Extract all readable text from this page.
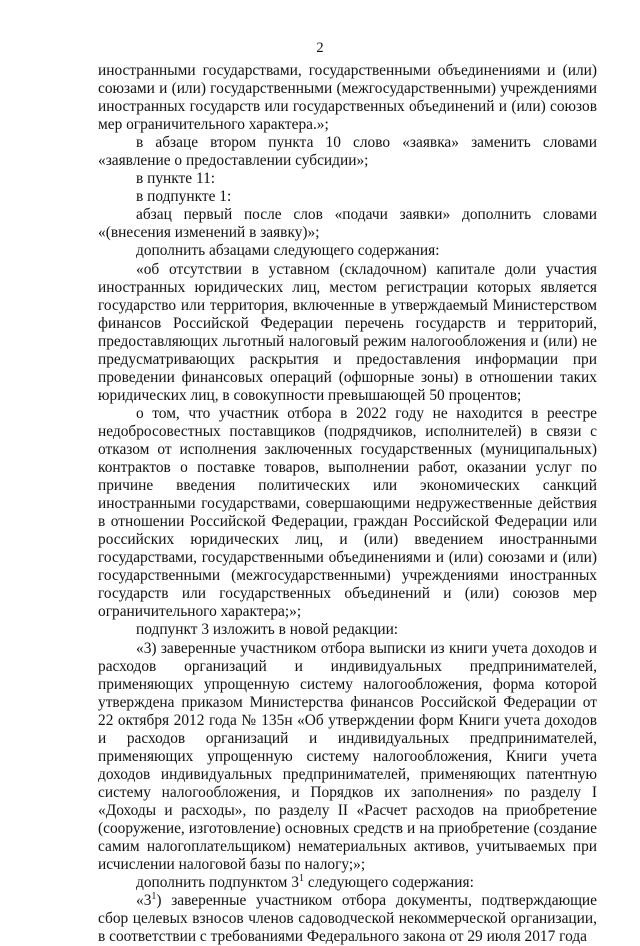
2

иностранными государствами, государственными объединениями и (или) союзами и (или) государственными (межгосударственными) учреждениями иностранных государств или государственных объединений и (или) союзов мер ограничительного характера.»;

в абзаце втором пункта 10 слово «заявка» заменить словами «заявление о предоставлении субсидии»;

в пункте 11:

в подпункте 1:

абзац первый после слов «подачи заявки» дополнить словами «(внесения изменений в заявку)»;

дополнить абзацами следующего содержания:

«об отсутствии в уставном (складочном) капитале доли участия иностранных юридических лиц, местом регистрации которых является государство или территория, включенные в утверждаемый Министерством финансов Российской Федерации перечень государств и территорий, предоставляющих льготный налоговый режим налогообложения и (или) не предусматривающих раскрытия и предоставления информации при проведении финансовых операций (офшорные зоны) в отношении таких юридических лиц, в совокупности превышающей 50 процентов;

о том, что участник отбора в 2022 году не находится в реестре недобросовестных поставщиков (подрядчиков, исполнителей) в связи с отказом от исполнения заключенных государственных (муниципальных) контрактов о поставке товаров, выполнении работ, оказании услуг по причине введения политических или экономических санкций иностранными государствами, совершающими недружественные действия в отношении Российской Федерации, граждан Российской Федерации или российских юридических лиц, и (или) введением иностранными государствами, государственными объединениями и (или) союзами и (или) государственными (межгосударственными) учреждениями иностранных государств или государственных объединений и (или) союзов мер ограничительного характера;»;

подпункт 3 изложить в новой редакции:

«3) заверенные участником отбора выписки из книги учета доходов и расходов организаций и индивидуальных предпринимателей, применяющих упрощенную систему налогообложения, форма которой утверждена приказом Министерства финансов Российской Федерации от 22 октября 2012 года № 135н «Об утверждении форм Книги учета доходов и расходов организаций и индивидуальных предпринимателей, применяющих упрощенную систему налогообложения, Книги учета доходов индивидуальных предпринимателей, применяющих патентную систему налогообложения, и Порядков их заполнения» по разделу I «Доходы и расходы», по разделу II «Расчет расходов на приобретение (сооружение, изготовление) основных средств и на приобретение (создание самим налогоплательщиком) нематериальных активов, учитываемых при исчислении налоговой базы по налогу;»;

дополнить подпунктом $3^1$ следующего содержания:

«$3^1$) заверенные участником отбора документы, подтверждающие сбор целевых взносов членов садоводческой некоммерческой организации, в соответствии с требованиями Федерального закона от 29 июля 2017 года
